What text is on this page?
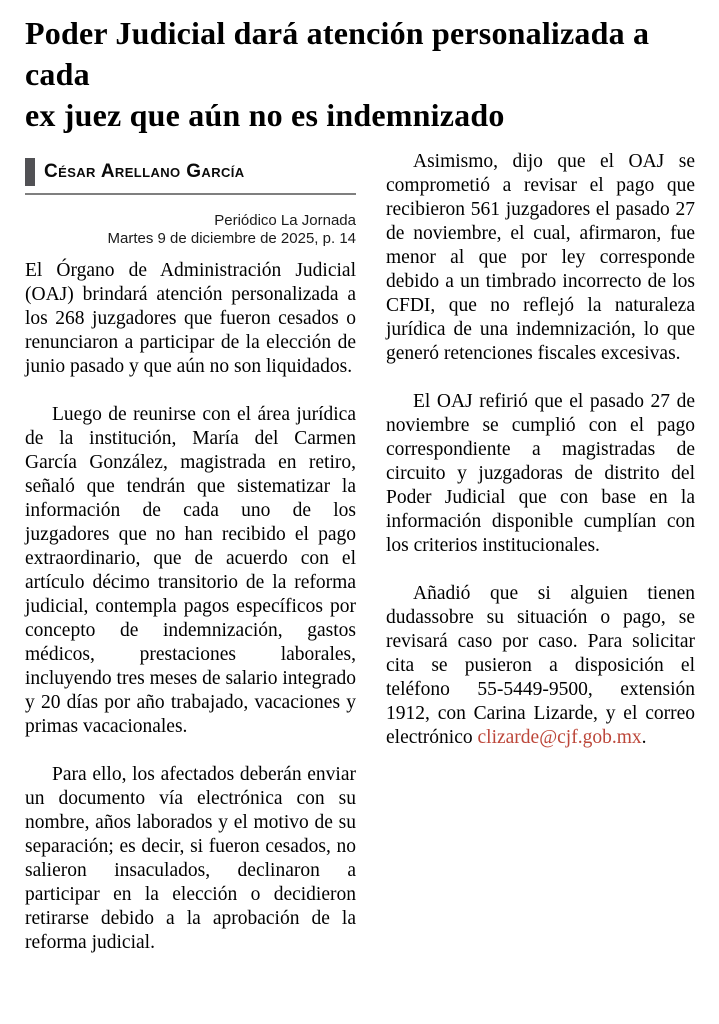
Poder Judicial dará atención personalizada a cada
ex juez que aún no es indemnizado
César Arellano García
Periódico La Jornada
Martes 9 de diciembre de 2025, p. 14

El Órgano de Administración Judicial (OAJ) brindará atención personalizada a los 268 juzgadores que fueron cesados o renunciaron a participar de la elección de junio pasado y que aún no son liquidados.

Luego de reunirse con el área jurídica de la institución, María del Carmen García González, magistrada en retiro, señaló que tendrán que sistematizar la información de cada uno de los juzgadores que no han recibido el pago extraordinario, que de acuerdo con el artículo décimo transitorio de la reforma judicial, contempla pagos específicos por concepto de indemnización, gastos médicos, prestaciones laborales, incluyendo tres meses de salario integrado y 20 días por año trabajado, vacaciones y primas vacacionales.

Para ello, los afectados deberán enviar un documento vía electrónica con su nombre, años laborados y el motivo de su separación; es decir, si fueron cesados, no salieron insaculados, declinaron a participar en la elección o decidieron retirarse debido a la aprobación de la reforma judicial.

Asimismo, dijo que el OAJ se comprometió a revisar el pago que recibieron 561 juzgadores el pasado 27 de noviembre, el cual, afirmaron, fue menor al que por ley corresponde debido a un timbrado incorrecto de los CFDI, que no reflejó la naturaleza jurídica de una indemnización, lo que generó retenciones fiscales excesivas.

El OAJ refirió que el pasado 27 de noviembre se cumplió con el pago correspondiente a magistradas de circuito y juzgadoras de distrito del Poder Judicial que con base en la información disponible cumplían con los criterios institucionales.

Añadió que si alguien tienen dudassobre su situación o pago, se revisará caso por caso. Para solicitar cita se pusieron a disposición el teléfono 55-5449-9500, extensión 1912, con Carina Lizarde, y el correo electrónico clizarde@cjf.gob.mx.
